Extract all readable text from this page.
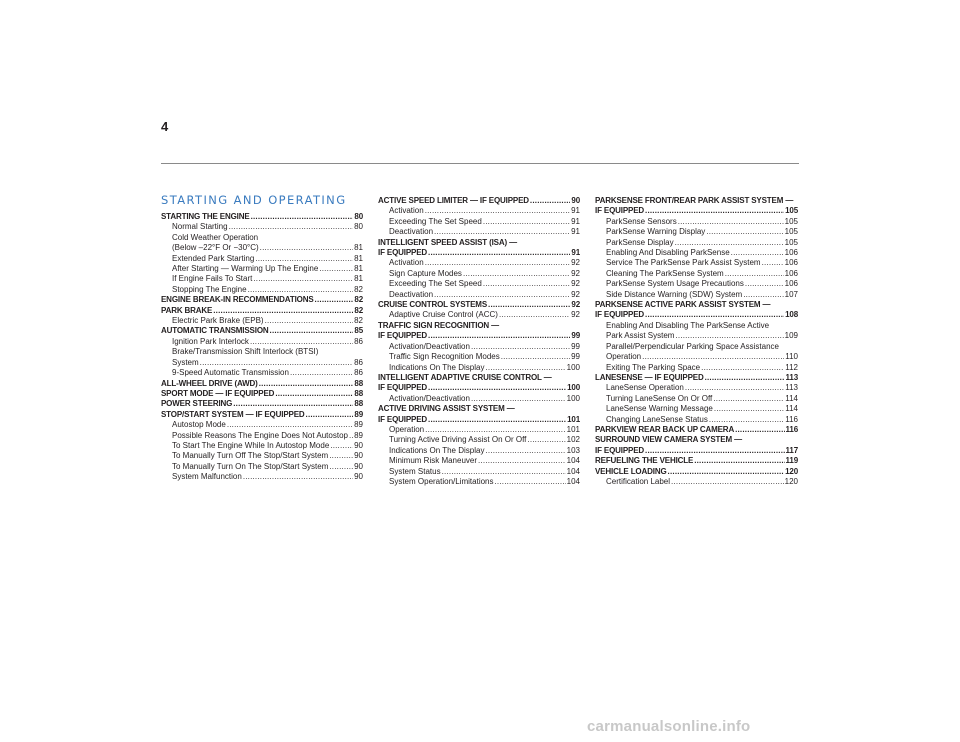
4
STARTING AND OPERATING
STARTING THE ENGINE .....	80
Normal Starting .....	80
Cold Weather Operation
(Below –22°F Or −30°C) .....	81
Extended Park Starting .....	81
After Starting — Warming Up The Engine .....	81
If Engine Fails To Start .....	81
Stopping The Engine .....	82
ENGINE BREAK-IN RECOMMENDATIONS .....	82
PARK BRAKE .....	82
Electric Park Brake (EPB) .....	82
AUTOMATIC TRANSMISSION .....	85
Ignition Park Interlock .....	86
Brake/Transmission Shift Interlock (BTSI)
System .....	86
9-Speed Automatic Transmission .....	86
ALL-WHEEL DRIVE (AWD) .....	88
SPORT MODE — IF EQUIPPED .....	88
POWER STEERING .....	88
STOP/START SYSTEM — IF EQUIPPED .....	89
Autostop Mode .....	89
Possible Reasons The Engine Does Not Autostop ..... 89
To Start The Engine While In Autostop Mode .....	90
To Manually Turn Off The Stop/Start System .....	90
To Manually Turn On The Stop/Start System .....	90
System Malfunction .....	90
ACTIVE SPEED LIMITER — IF EQUIPPED .....	90
Activation .....	91
Exceeding The Set Speed .....	91
Deactivation .....	91
INTELLIGENT SPEED ASSIST (ISA) —
IF EQUIPPED .....	91
Activation .....	92
Sign Capture Modes .....	92
Exceeding The Set Speed .....	92
Deactivation .....	92
CRUISE CONTROL SYSTEMS .....	92
Adaptive Cruise Control (ACC) .....	92
TRAFFIC SIGN RECOGNITION —
IF EQUIPPED .....	99
Activation/Deactivation .....	99
Traffic Sign Recognition Modes .....	99
Indications On The Display .....	100
INTELLIGENT ADAPTIVE CRUISE CONTROL —
IF EQUIPPED .....	100
Activation/Deactivation .....	100
ACTIVE DRIVING ASSIST SYSTEM —
IF EQUIPPED .....	101
Operation .....	101
Turning Active Driving Assist On Or Off .....	102
Indications On The Display .....	103
Minimum Risk Maneuver .....	104
System Status .....	104
System Operation/Limitations .....	104
PARKSENSE FRONT/REAR PARK ASSIST SYSTEM —
IF EQUIPPED .....	105
ParkSense Sensors .....	105
ParkSense Warning Display .....	105
ParkSense Display .....	105
Enabling And Disabling ParkSense .....	106
Service The ParkSense Park Assist System .....	106
Cleaning The ParkSense System .....	106
ParkSense System Usage Precautions .....	106
Side Distance Warning (SDW) System .....	107
PARKSENSE ACTIVE PARK ASSIST SYSTEM —
IF EQUIPPED .....	108
Enabling And Disabling The ParkSense Active
Park Assist System .....	109
Parallel/Perpendicular Parking Space Assistance
Operation .....	110
Exiting The Parking Space .....	112
LANESENSE — IF EQUIPPED .....	113
LaneSense Operation .....	113
Turning LaneSense On Or Off .....	114
LaneSense Warning Message .....	114
Changing LaneSense Status .....	116
PARKVIEW REAR BACK UP CAMERA .....	116
SURROUND VIEW CAMERA SYSTEM —
IF EQUIPPED .....	117
REFUELING THE VEHICLE .....	119
VEHICLE LOADING .....	120
Certification Label .....	120
carmanualsonline.info
